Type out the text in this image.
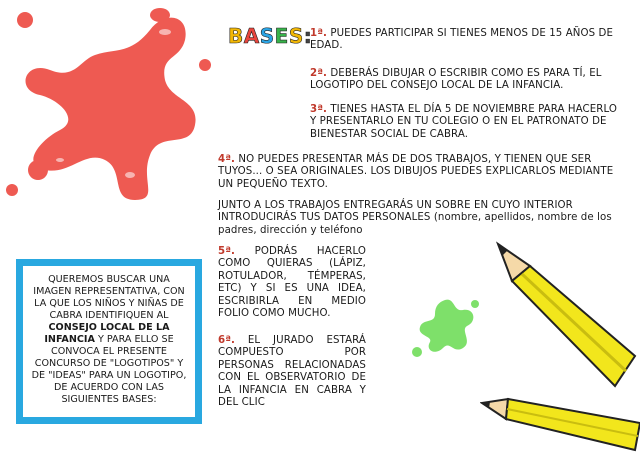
BASES:
1ª. PUEDES PARTICIPAR SI TIENES MENOS DE 15 AÑOS DE EDAD.
2ª. DEBERÁS DIBUJAR O ESCRIBIR COMO ES PARA TÍ, EL LOGOTIPO DEL CONSEJO LOCAL DE LA INFANCIA.
3ª. TIENES HASTA EL DÍA 5 DE NOVIEMBRE PARA HACERLO Y PRESENTARLO EN TU COLEGIO O EN EL PATRONATO DE BIENESTAR SOCIAL DE CABRA.
4ª. NO PUEDES PRESENTAR MÁS DE DOS TRABAJOS, Y TIENEN QUE SER TUYOS... O SEA ORIGINALES. LOS DIBUJOS PUEDES EXPLICARLOS MEDIANTE UN PEQUEÑO TEXTO.
JUNTO A LOS TRABAJOS ENTREGARÁS UN SOBRE EN CUYO INTERIOR INTRODUCIRÁS TUS DATOS PERSONALES (nombre, apellidos, nombre de los padres, dirección y teléfono
5ª. PODRÁS HACERLO COMO QUIERAS (LÁPIZ, ROTULADOR, TÉMPERAS, ETC) Y SI ES UNA IDEA, ESCRIBIRLA EN MEDIO FOLIO COMO MUCHO.
6ª. EL JURADO ESTARÁ COMPUESTO POR PERSONAS RELACIONADAS CON EL OBSERVATORIO DE LA INFANCIA EN CABRA Y DEL CLIC
QUEREMOS BUSCAR UNA IMAGEN REPRESENTATIVA, CON LA QUE LOS NIÑOS Y NIÑAS DE CABRA IDENTIFIQUEN AL CONSEJO LOCAL DE LA INFANCIA Y PARA ELLO SE CONVOCA EL PRESENTE CONCURSO DE "LOGOTIPOS" Y DE "IDEAS" PARA UN LOGOTIPO, DE ACUERDO CON LAS SIGUIENTES BASES:
